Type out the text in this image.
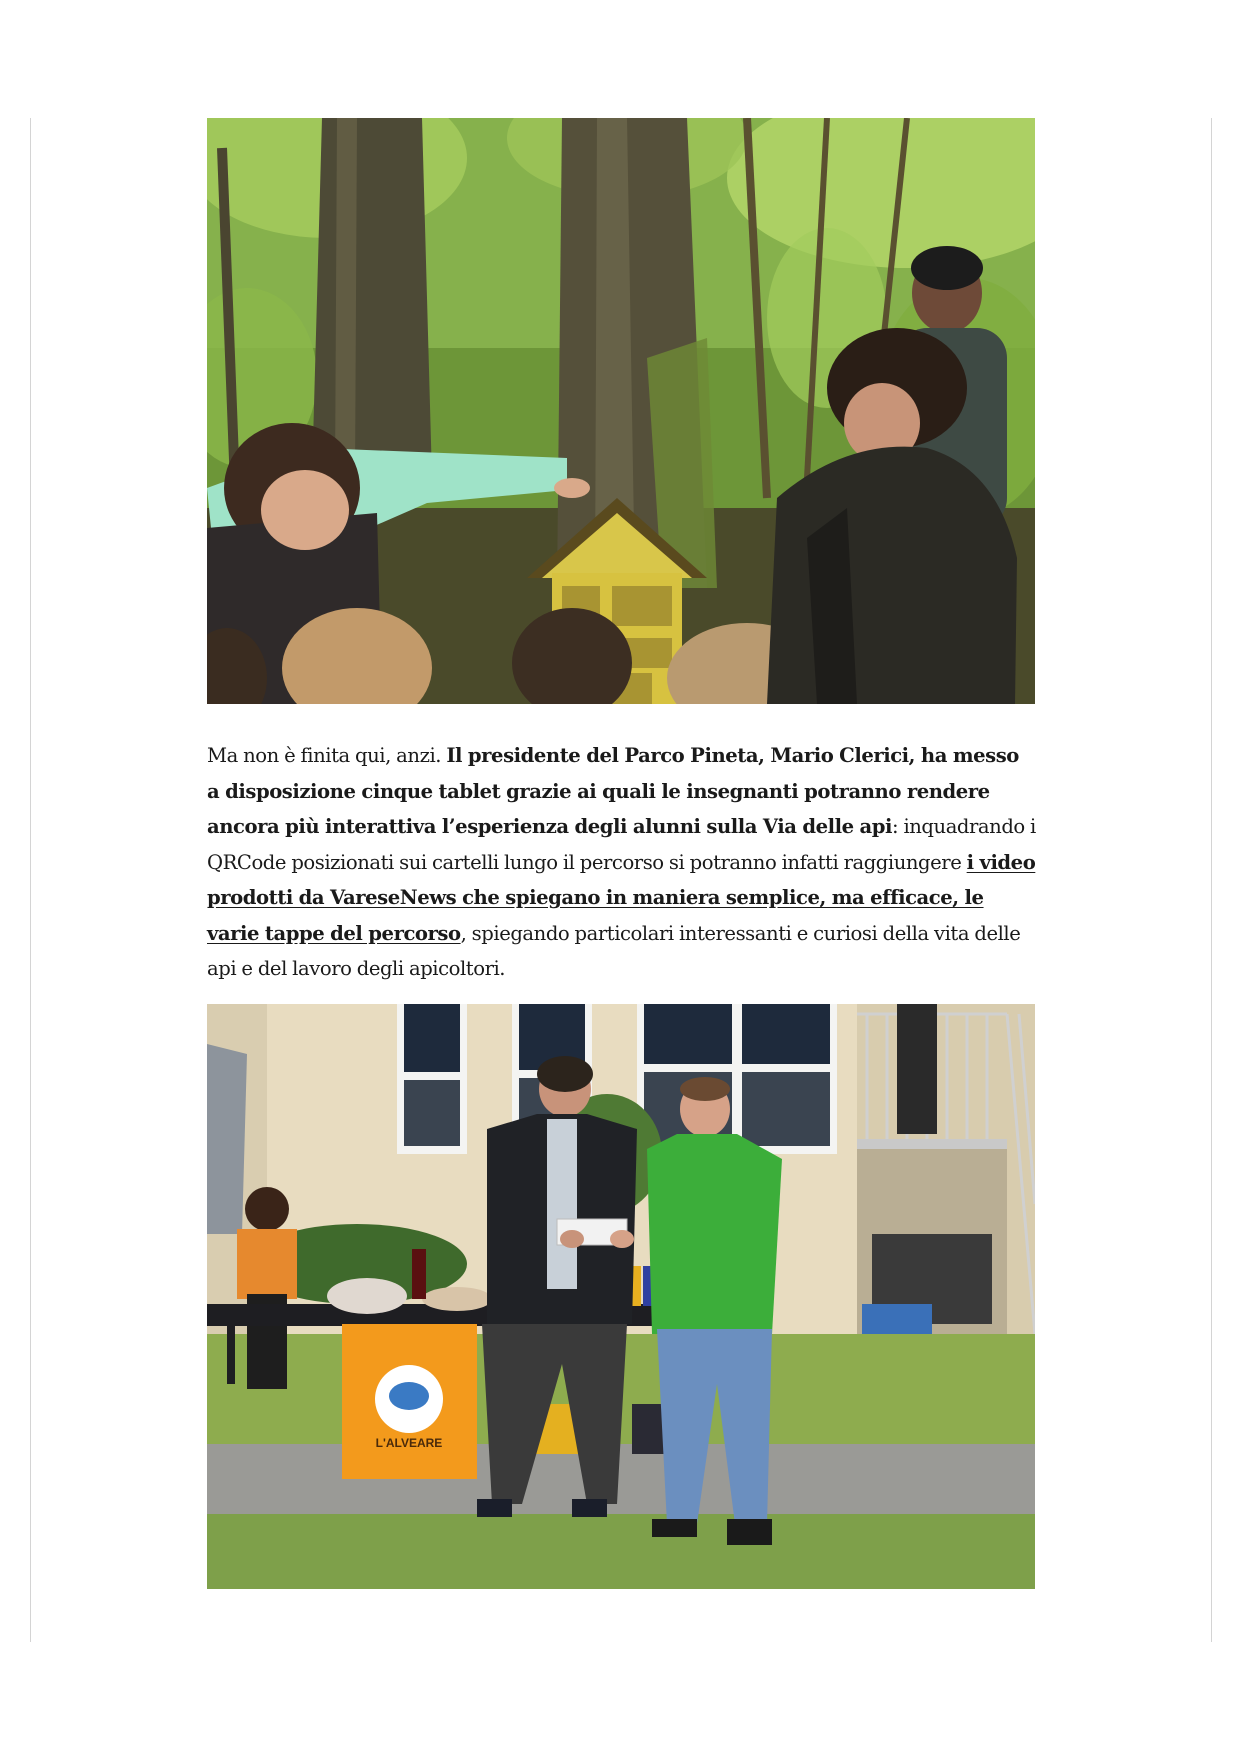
Ma non è finita qui, anzi. Il presidente del Parco Pineta, Mario Clerici, ha messo a disposizione cinque tablet grazie ai quali le insegnanti potranno rendere ancora più interattiva l’esperienza degli alunni sulla Via delle api: inquadrando i QRCode posizionati sui cartelli lungo il percorso si potranno infatti raggiungere i video prodotti da VareseNews che spiegano in maniera semplice, ma efficace, le varie tappe del percorso, spiegando particolari interessanti e curiosi della vita delle api e del lavoro degli apicoltori.

L'ALVEARE
